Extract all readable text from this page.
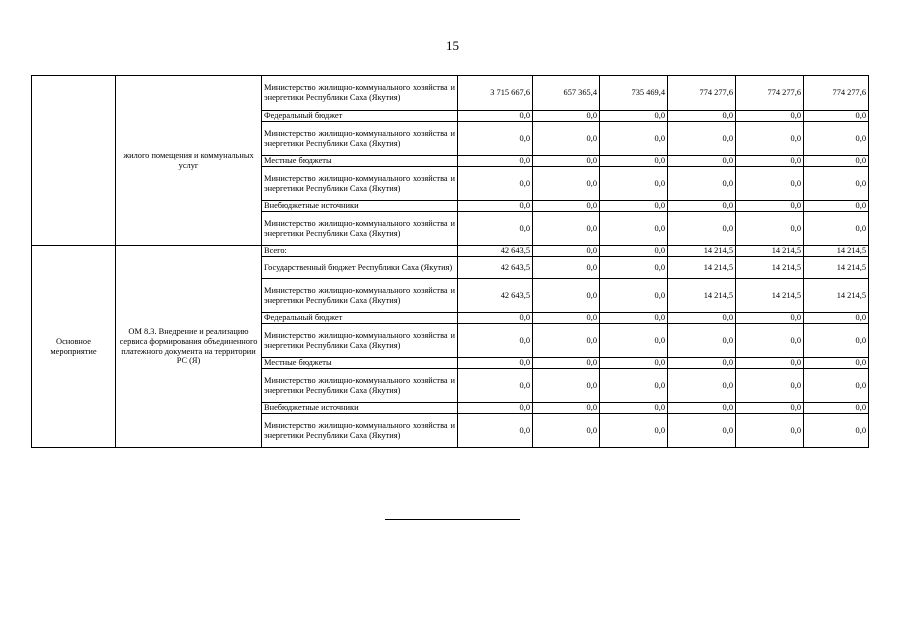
15
	жилого помещения и коммунальных услуг	Министерство жилищно-коммунального хозяйства и энергетики Республики Саха (Якутия)	3 715 667,6	657 365,4	735 469,4	774 277,6	774 277,6	774 277,6
		Федеральный бюджет	0,0	0,0	0,0	0,0	0,0	0,0
		Министерство жилищно-коммунального хозяйства и энергетики Республики Саха (Якутия)	0,0	0,0	0,0	0,0	0,0	0,0
		Местные бюджеты	0,0	0,0	0,0	0,0	0,0	0,0
		Министерство жилищно-коммунального хозяйства и энергетики Республики Саха (Якутия)	0,0	0,0	0,0	0,0	0,0	0,0
		Внебюджетные источники	0,0	0,0	0,0	0,0	0,0	0,0
		Министерство жилищно-коммунального хозяйства и энергетики Республики Саха (Якутия)	0,0	0,0	0,0	0,0	0,0	0,0
Основное мероприятие	ОМ 8.3. Внедрение и реализацию сервиса формирования объединенного платежного документа на территории РС (Я)	Всего:	42 643,5	0,0	0,0	14 214,5	14 214,5	14 214,5
		Государственный бюджет Республики Саха (Якутия)	42 643,5	0,0	0,0	14 214,5	14 214,5	14 214,5
		Министерство жилищно-коммунального хозяйства и энергетики Республики Саха (Якутия)	42 643,5	0,0	0,0	14 214,5	14 214,5	14 214,5
		Федеральный бюджет	0,0	0,0	0,0	0,0	0,0	0,0
		Министерство жилищно-коммунального хозяйства и энергетики Республики Саха (Якутия)	0,0	0,0	0,0	0,0	0,0	0,0
		Местные бюджеты	0,0	0,0	0,0	0,0	0,0	0,0
		Министерство жилищно-коммунального хозяйства и энергетики Республики Саха (Якутия)	0,0	0,0	0,0	0,0	0,0	0,0
		Внебюджетные источники	0,0	0,0	0,0	0,0	0,0	0,0
		Министерство жилищно-коммунального хозяйства и энергетики Республики Саха (Якутия)	0,0	0,0	0,0	0,0	0,0	0,0
